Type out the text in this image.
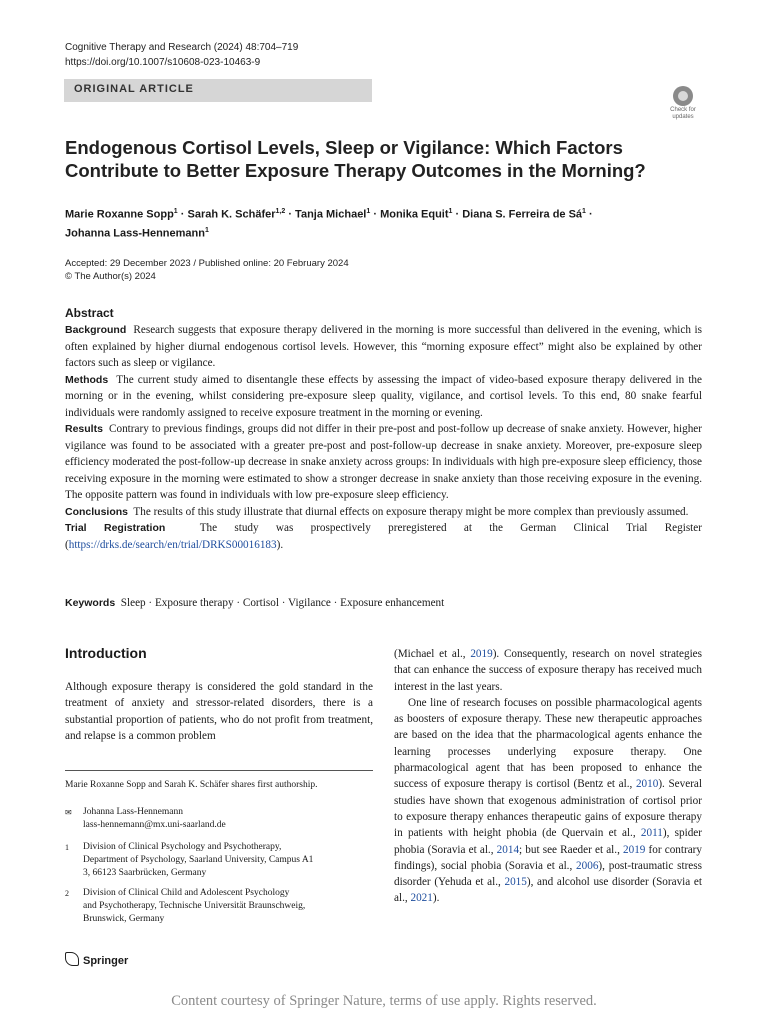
Cognitive Therapy and Research (2024) 48:704–719
https://doi.org/10.1007/s10608-023-10463-9
ORIGINAL ARTICLE
Check for
updates
Endogenous Cortisol Levels, Sleep or Vigilance: Which Factors
Contribute to Better Exposure Therapy Outcomes in the Morning?
Marie Roxanne Sopp$^1$ · Sarah K. Schäfer$^{1,2}$ · Tanja Michael$^1$ · Monika Equit$^1$ · Diana S. Ferreira de $Sá^1$ ·
Johanna Lass-Hennemann$^1$
Accepted: 29 December 2023 / Published online: 20 February 2024
© The Author(s) 2024
Abstract

Background Research suggests that exposure therapy delivered in the morning is more successful than delivered in the evening, which is often explained by higher diurnal endogenous cortisol levels. However, this “morning exposure effect” might also be explained by other factors such as sleep or vigilance.

Methods The current study aimed to disentangle these effects by assessing the impact of video-based exposure therapy delivered in the morning or in the evening, whilst considering pre-exposure sleep quality, vigilance, and cortisol levels. To this end, 80 snake fearful individuals were randomly assigned to receive exposure treatment in the morning or evening.

Results Contrary to previous findings, groups did not differ in their pre-post and post-follow up decrease of snake anxiety. However, higher vigilance was found to be associated with a greater pre-post and post-follow-up decrease in snake anxiety. Moreover, pre-exposure sleep efficiency moderated the post-follow-up decrease in snake anxiety across groups: In individuals with high pre-exposure sleep efficiency, those receiving exposure in the morning were estimated to show a stronger decrease in snake anxiety than those receiving exposure in the evening. The opposite pattern was found in individuals with low pre-exposure sleep efficiency.

Conclusions The results of this study illustrate that diurnal effects on exposure therapy might be more complex than previously assumed.

Trial Registration	The study was prospectively preregistered at the German Clinical Trial Register (https://drks.de/search/en/trial/DRKS00016183).

Keywords Sleep · Exposure therapy · Cortisol · Vigilance · Exposure enhancement
Introduction

Although exposure therapy is considered the gold standard in the treatment of anxiety and stressor-related disorders, there is a substantial proportion of patients, who do not profit from treatment, and relapse is a common problem

Marie Roxanne Sopp and Sarah K. Schäfer shares first authorship.
✉ Johanna Lass-Hennemann
lass-hennemann@mx.uni-saarland.de
1 Division of Clinical Psychology and Psychotherapy,
Department of Psychology, Saarland University, Campus A1
3, 66123 Saarbrücken, Germany
2 Division of Clinical Child and Adolescent Psychology
and Psychotherapy, Technische Universität Braunschweig,
Brunswick, Germany

(Michael et al., 2019). Consequently, research on novel strategies that can enhance the success of exposure therapy has received much interest in the last years.

One line of research focuses on possible pharmacological agents as boosters of exposure therapy. These new therapeutic approaches are based on the idea that the pharmacological agents enhance the learning processes underlying exposure therapy. One pharmacological agent that has been proposed to enhance the success of exposure therapy is cortisol (Bentz et al., 2010). Several studies have shown that exogenous administration of cortisol prior to exposure therapy enhances therapeutic gains of exposure therapy in patients with height phobia (de Quervain et al., 2011), spider phobia (Soravia et al., 2014; but see Raeder et al., 2019 for contrary findings), social phobia (Soravia et al., 2006), post-traumatic stress disorder (Yehuda et al., 2015), and alcohol use disorder (Soravia et al., 2021).

Springer
Content courtesy of Springer Nature, terms of use apply. Rights reserved.
